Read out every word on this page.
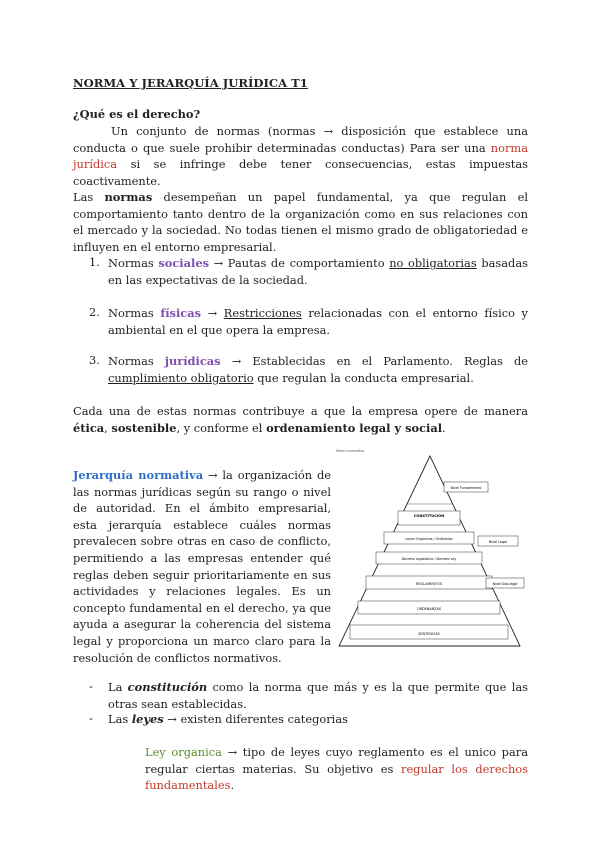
NORMA Y JERARQUÍA JURÍDICA T1
¿Qué es el derecho?

Un conjunto de normas (normas → disposición que establece una conducta o que suele prohibir determinadas conductas) Para ser una norma jurídica si se infringe debe tener consecuencias, estas impuestas coactivamente.

Las normas desempeñan un papel fundamental, ya que regulan el comportamiento tanto dentro de la organización como en sus relaciones con el mercado y la sociedad. No todas tienen el mismo grado de obligatoriedad e influyen en el entorno empresarial.

1. Normas sociales → Pautas de comportamiento no obligatorias basadas en las expectativas de la sociedad.

2. Normas físicas → Restricciones relacionadas con el entorno físico y ambiental en el que opera la empresa.

3. Normas jurídicas → Establecidas en el Parlamento. Reglas de cumplimiento obligatorio que regulan la conducta empresarial.

Cada una de estas normas contribuye a que la empresa opere de manera ética, sostenible, y conforme el ordenamiento legal y social.

Jerarquía normativa → la organización de las normas jurídicas según su rango o nivel de autoridad. En el ámbito empresarial, esta jerarquía establece cuáles normas prevalecen sobre otras en caso de conflicto, permitiendo a las empresas entender qué reglas deben seguir prioritariamente en sus actividades y relaciones legales. Es un concepto fundamental en el derecho, ya que ayuda a asegurar la coherencia del sistema legal y proporciona un marco claro para la resolución de conflictos normativos.

Nivel normativo
CONSTITUCIÓN
Leyes Orgánicas / Ordinarias
Decreto Legislativo / Decreto Ley
REGLAMENTOS
ORDENANZAS
SENTENCIAS
Nivel Fundamental
Nivel Legal
Nivel Sub-legal
- La constitución como la norma que más y es la que permite que las otras sean establecidas.

- Las leyes → existen diferentes categorias

Ley organica → tipo de leyes cuyo reglamento es el unico para regular ciertas materias. Su objetivo es regular los derechos fundamentales.
